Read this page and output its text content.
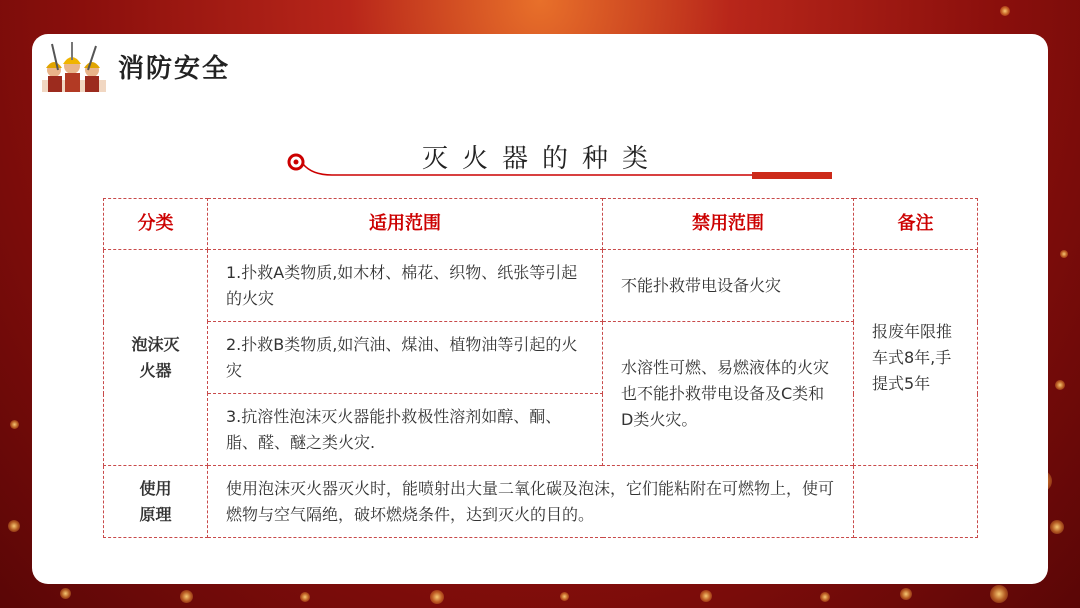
消防安全
灭火器的种类
分类	适用范围	禁用范围	备注

泡沫灭火器	1.扑救A类物质,如木材、棉花、织物、纸张等引起的火灾	不能扑救带电设备火灾	报废年限推车式8年,手提式5年

	2.扑救B类物质,如汽油、煤油、植物油等引起的火灾	水溶性可燃、易燃液体的火灾也不能扑救带电设备及C类和D类火灾。	
	3.抗溶性泡沫灭火器能扑救极性溶剂如醇、酮、脂、醛、醚之类火灾.		

使用原理	使用泡沫灭火器灭火时，能喷射出大量二氧化碳及泡沫，它们能粘附在可燃物上，使可燃物与空气隔绝，破坏燃烧条件，达到灭火的目的。		
